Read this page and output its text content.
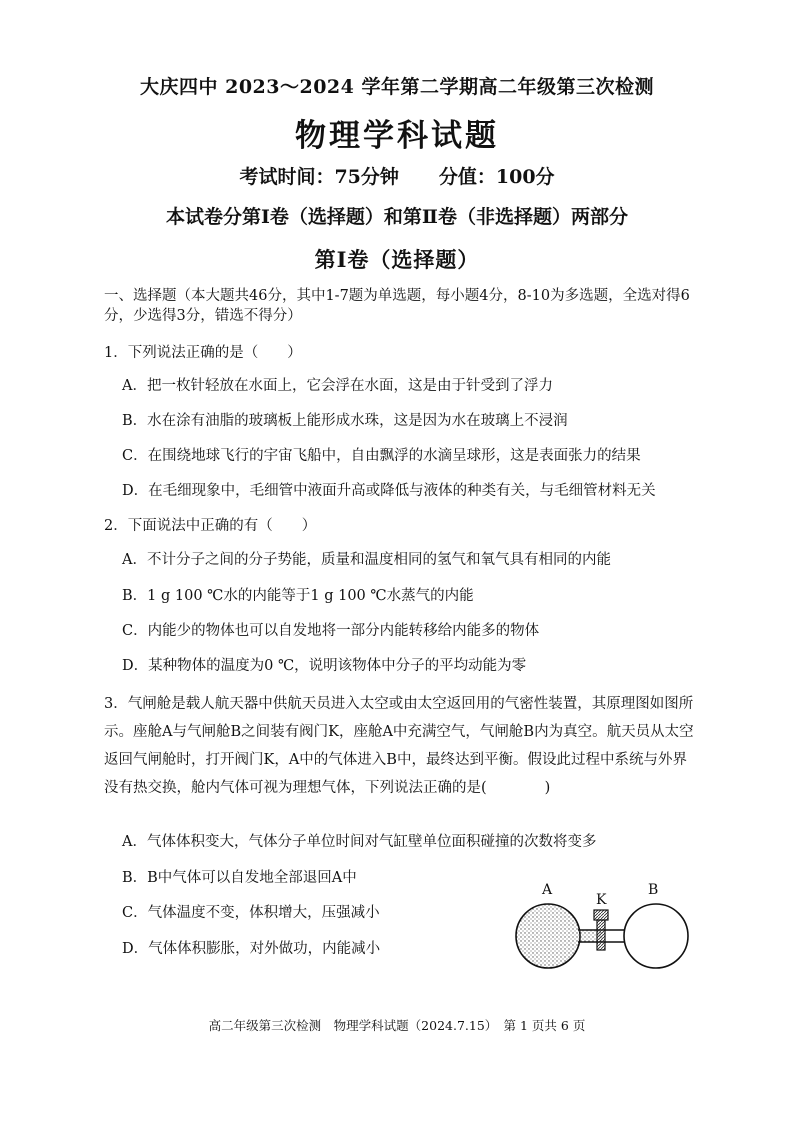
大庆四中 2023～2024 学年第二学期高二年级第三次检测
物理学科试题
考试时间：75分钟 分值：100分
本试卷分第Ⅰ卷（选择题）和第Ⅱ卷（非选择题）两部分
第Ⅰ卷（选择题）
一、选择题（本大题共46分，其中1-7题为单选题，每小题4分，8-10为多选题，全选对得6分，少选得3分，错选不得分）
1．下列说法正确的是（　　）
A．把一枚针轻放在水面上，它会浮在水面，这是由于针受到了浮力
B．水在涂有油脂的玻璃板上能形成水珠，这是因为水在玻璃上不浸润
C．在围绕地球飞行的宇宙飞船中，自由飘浮的水滴呈球形，这是表面张力的结果
D．在毛细现象中，毛细管中液面升高或降低与液体的种类有关，与毛细管材料无关
2．下面说法中正确的有（　　）
A．不计分子之间的分子势能，质量和温度相同的氢气和氧气具有相同的内能
B．1 g 100 ℃水的内能等于1 g 100 ℃水蒸气的内能
C．内能少的物体也可以自发地将一部分内能转移给内能多的物体
D．某种物体的温度为0 ℃，说明该物体中分子的平均动能为零
3．气闸舱是载人航天器中供航天员进入太空或由太空返回用的气密性装置，其原理图如图所示。座舱A与气闸舱B之间装有阀门K，座舱A中充满空气，气闸舱B内为真空。航天员从太空返回气闸舱时，打开阀门K，A中的气体进入B中，最终达到平衡。假设此过程中系统与外界没有热交换，舱内气体可视为理想气体，下列说法正确的是(　　　　)
A．气体体积变大，气体分子单位时间对气缸壁单位面积碰撞的次数将变多
B．B中气体可以自发地全部退回A中
C．气体温度不变，体积增大，压强减小
D．气体体积膨胀，对外做功，内能减小
A
K
B
高二年级第三次检测　物理学科试题（2024.7.15）　第 1 页共 6 页
